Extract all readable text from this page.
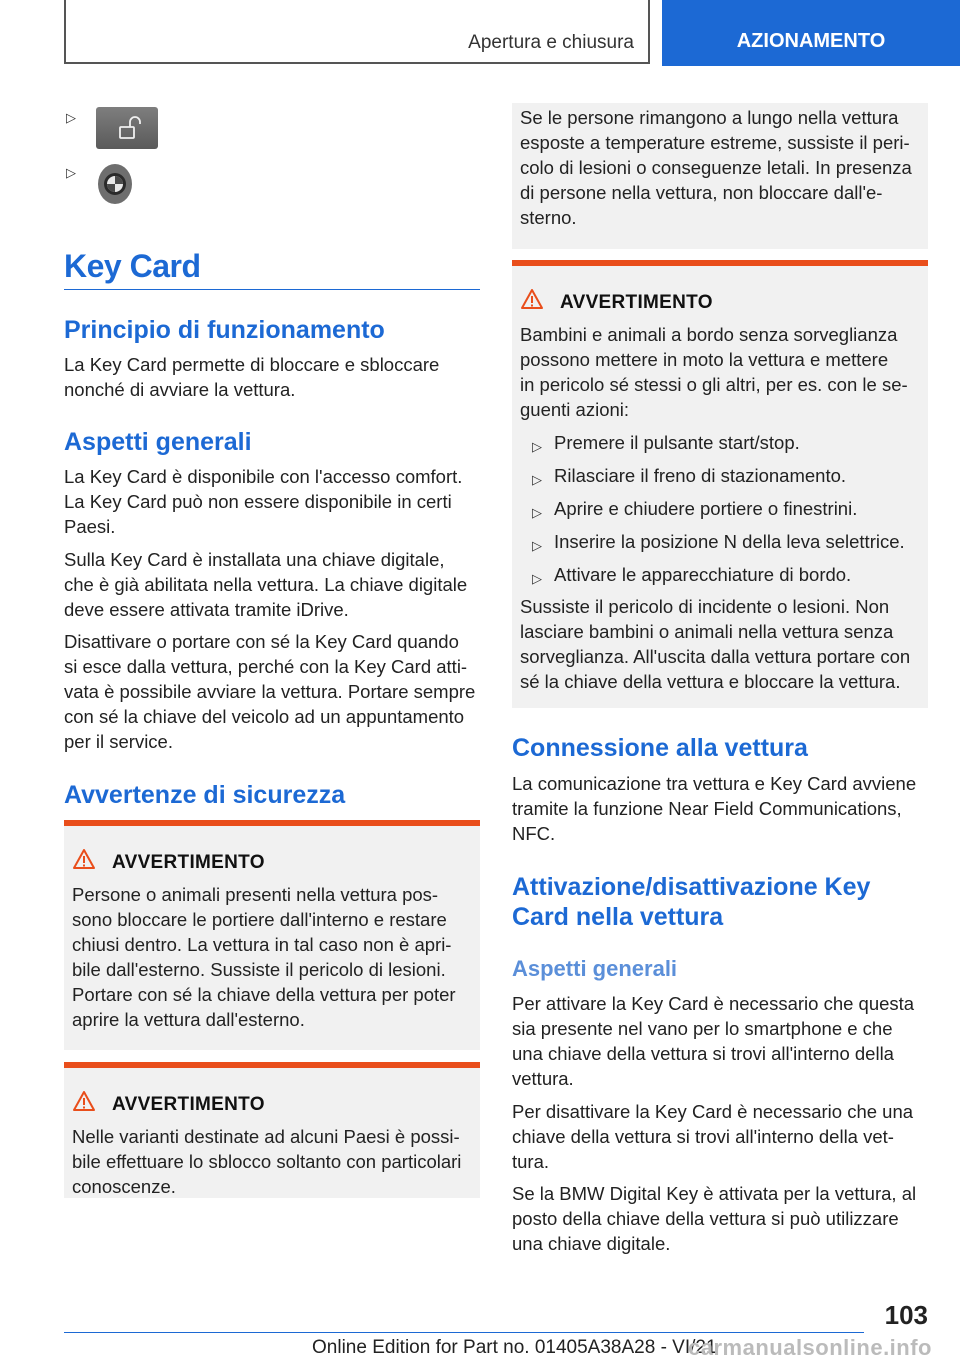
Apertura e chiusura	AZIONAMENTO
▷
▷
Key Card
Principio di funzionamento
La Key Card permette di bloccare e sbloccare
nonché di avviare la vettura.
Aspetti generali
La Key Card è disponibile con l'accesso comfort.
La Key Card può non essere disponibile in certi
Paesi.
Sulla Key Card è installata una chiave digitale,
che è già abilitata nella vettura. La chiave digitale
deve essere attivata tramite iDrive.
Disattivare o portare con sé la Key Card quando
si esce dalla vettura, perché con la Key Card atti-
vata è possibile avviare la vettura. Portare sempre
con sé la chiave del veicolo ad un appuntamento
per il service.
Avvertenze di sicurezza
AVVERTIMENTO
Persone o animali presenti nella vettura pos-
sono bloccare le portiere dall'interno e restare
chiusi dentro. La vettura in tal caso non è apri-
bile dall'esterno. Sussiste il pericolo di lesioni.
Portare con sé la chiave della vettura per poter
aprire la vettura dall'esterno.
AVVERTIMENTO
Nelle varianti destinate ad alcuni Paesi è possi-
bile effettuare lo sblocco soltanto con particolari
conoscenze.
Se le persone rimangono a lungo nella vettura
esposte a temperature estreme, sussiste il peri-
colo di lesioni o conseguenze letali. In presenza
di persone nella vettura, non bloccare dall'e-
sterno.
AVVERTIMENTO
Bambini e animali a bordo senza sorveglianza
possono mettere in moto la vettura e mettere
in pericolo sé stessi o gli altri, per es. con le se-
guenti azioni:
▷ Premere il pulsante start/stop.
▷ Rilasciare il freno di stazionamento.
▷ Aprire e chiudere portiere o finestrini.
▷ Inserire la posizione N della leva selettrice.
▷ Attivare le apparecchiature di bordo.
Sussiste il pericolo di incidente o lesioni. Non
lasciare bambini o animali nella vettura senza
sorveglianza. All'uscita dalla vettura portare con
sé la chiave della vettura e bloccare la vettura.
Connessione alla vettura
La comunicazione tra vettura e Key Card avviene
tramite la funzione Near Field Communications,
NFC.
Attivazione/disattivazione Key
Card nella vettura
Aspetti generali
Per attivare la Key Card è necessario che questa
sia presente nel vano per lo smartphone e che
una chiave della vettura si trovi all'interno della
vettura.
Per disattivare la Key Card è necessario che una
chiave della vettura si trovi all'interno della vet-
tura.
Se la BMW Digital Key è attivata per la vettura, al
posto della chiave della vettura si può utilizzare
una chiave digitale.
103
Online Edition for Part no. 01405A38A28 - VI/21
carmanualsonline.info
